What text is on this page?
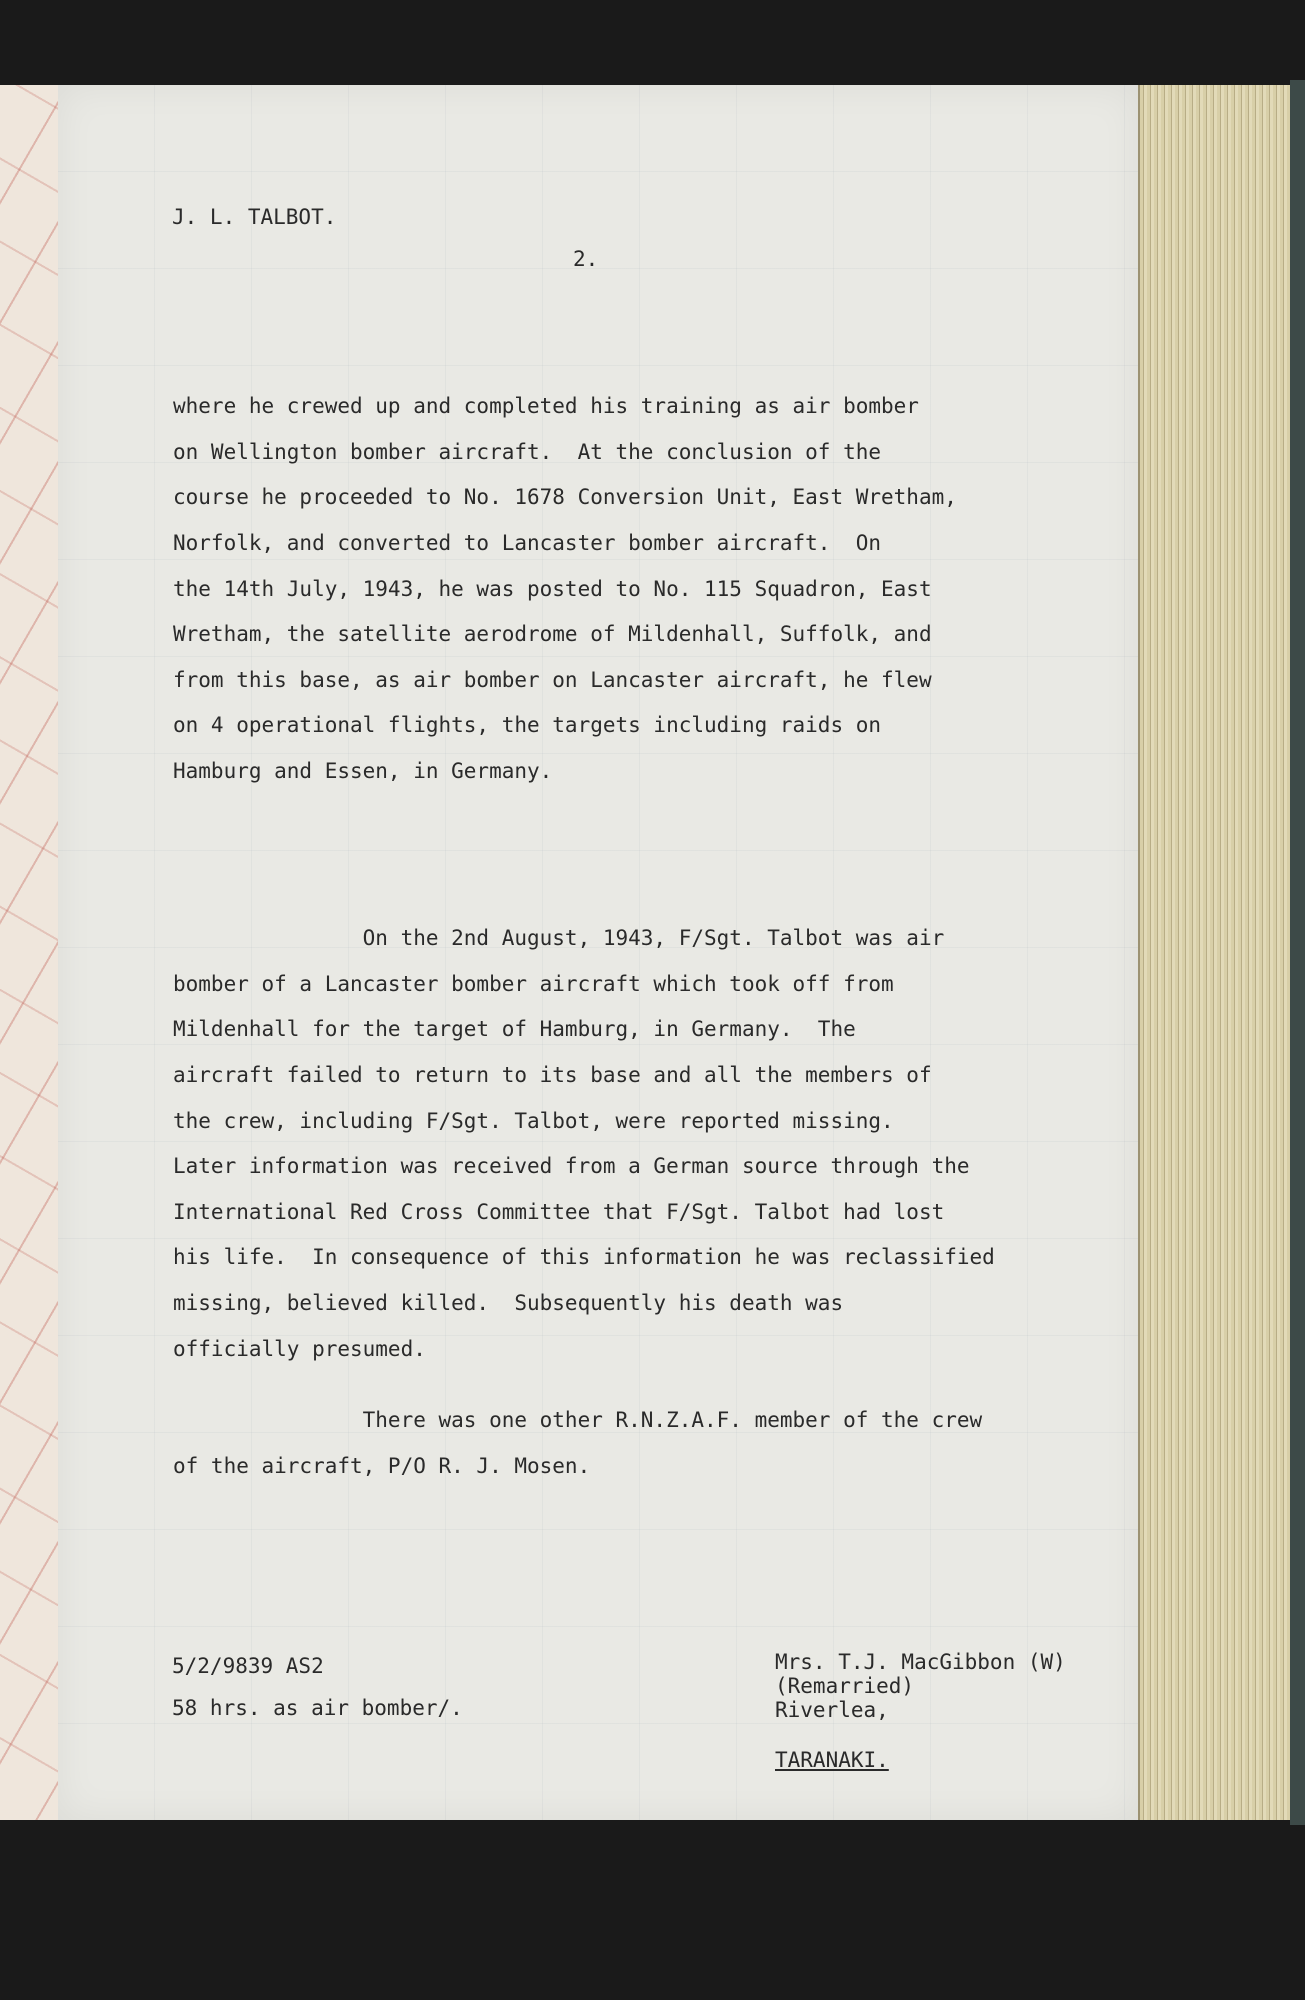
J. L. TALBOT.
2.

where he crewed up and completed his training as air bomber
on Wellington bomber aircraft.  At the conclusion of the
course he proceeded to No. 1678 Conversion Unit, East Wretham,
Norfolk, and converted to Lancaster bomber aircraft.  On
the 14th July, 1943, he was posted to No. 115 Squadron, East
Wretham, the satellite aerodrome of Mildenhall, Suffolk, and
from this base, as air bomber on Lancaster aircraft, he flew
on 4 operational flights, the targets including raids on
Hamburg and Essen, in Germany.

On the 2nd August, 1943, F/Sgt. Talbot was air
bomber of a Lancaster bomber aircraft which took off from
Mildenhall for the target of Hamburg, in Germany.  The
aircraft failed to return to its base and all the members of
the crew, including F/Sgt. Talbot, were reported missing.
Later information was received from a German source through the
International Red Cross Committee that F/Sgt. Talbot had lost
his life.  In consequence of this information he was reclassified
missing, believed killed.  Subsequently his death was
officially presumed.

There was one other R.N.Z.A.F. member of the crew
of the aircraft, P/O R. J. Mosen.

5/2/9839 AS2
58 hrs. as air bomber/.
Mrs. T.J. MacGibbon (W)
(Remarried)
Riverlea,
TARANAKI.
